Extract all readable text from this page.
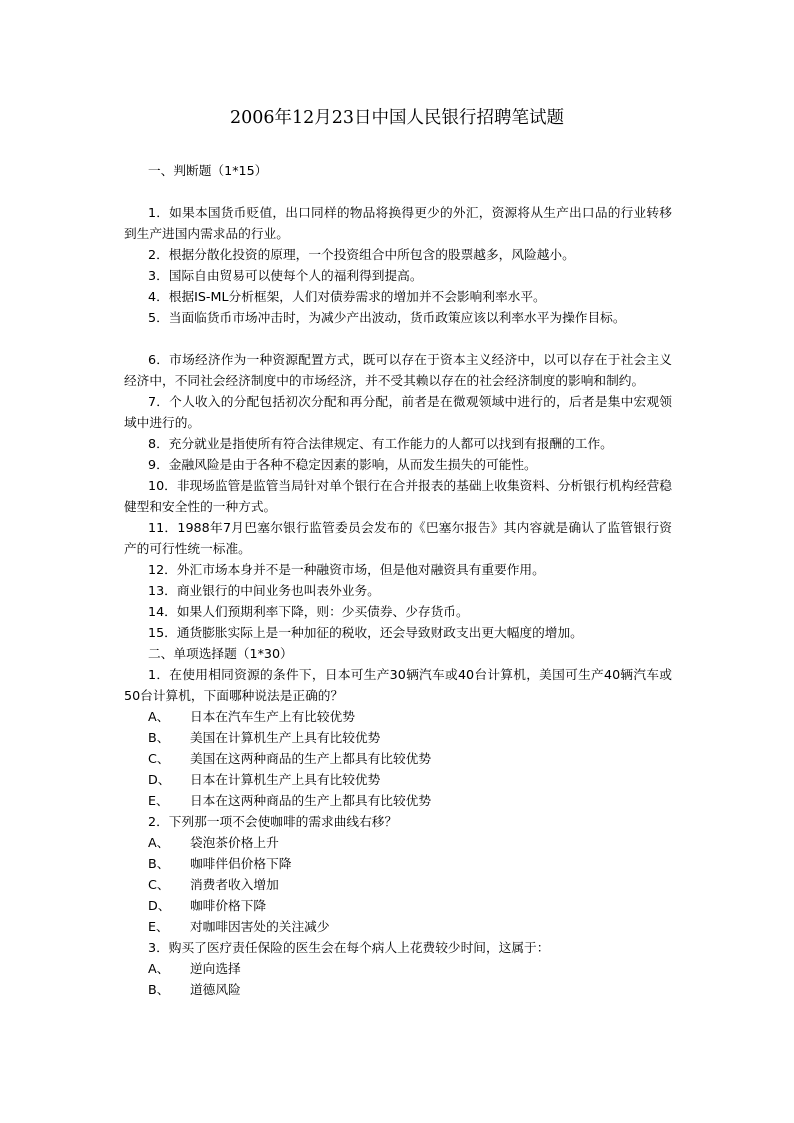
2006年12月23日中国人民银行招聘笔试题
一、判断题（1*15）
1．如果本国货币贬值，出口同样的物品将换得更少的外汇，资源将从生产出口品的行业转移到生产进国内需求品的行业。
2．根据分散化投资的原理，一个投资组合中所包含的股票越多，风险越小。
3．国际自由贸易可以使每个人的福利得到提高。
4．根据IS-ML分析框架，人们对债券需求的增加并不会影响利率水平。
5．当面临货币市场冲击时，为减少产出波动，货币政策应该以利率水平为操作目标。
6．市场经济作为一种资源配置方式，既可以存在于资本主义经济中，以可以存在于社会主义经济中，不同社会经济制度中的市场经济，并不受其赖以存在的社会经济制度的影响和制约。
7．个人收入的分配包括初次分配和再分配，前者是在微观领域中进行的，后者是集中宏观领域中进行的。
8．充分就业是指使所有符合法律规定、有工作能力的人都可以找到有报酬的工作。
9．金融风险是由于各种不稳定因素的影响，从而发生损失的可能性。
10．非现场监管是监管当局针对单个银行在合并报表的基础上收集资料、分析银行机构经营稳健型和安全性的一种方式。
11．1988年7月巴塞尔银行监管委员会发布的《巴塞尔报告》其内容就是确认了监管银行资产的可行性统一标准。
12．外汇市场本身并不是一种融资市场，但是他对融资具有重要作用。
13．商业银行的中间业务也叫表外业务。
14．如果人们预期利率下降，则：少买债券、少存货币。
15．通货膨胀实际上是一种加征的税收，还会导致财政支出更大幅度的增加。
二、单项选择题（1*30）
1．在使用相同资源的条件下，日本可生产30辆汽车或40台计算机，美国可生产40辆汽车或50台计算机，下面哪种说法是正确的？
A、 日本在汽车生产上有比较优势
B、 美国在计算机生产上具有比较优势
C、 美国在这两种商品的生产上都具有比较优势
D、 日本在计算机生产上具有比较优势
E、 日本在这两种商品的生产上都具有比较优势
2．下列那一项不会使咖啡的需求曲线右移？
A、 袋泡茶价格上升
B、 咖啡伴侣价格下降
C、 消费者收入增加
D、 咖啡价格下降
E、 对咖啡因害处的关注减少
3．购买了医疗责任保险的医生会在每个病人上花费较少时间，这属于：
A、 逆向选择
B、 道德风险
